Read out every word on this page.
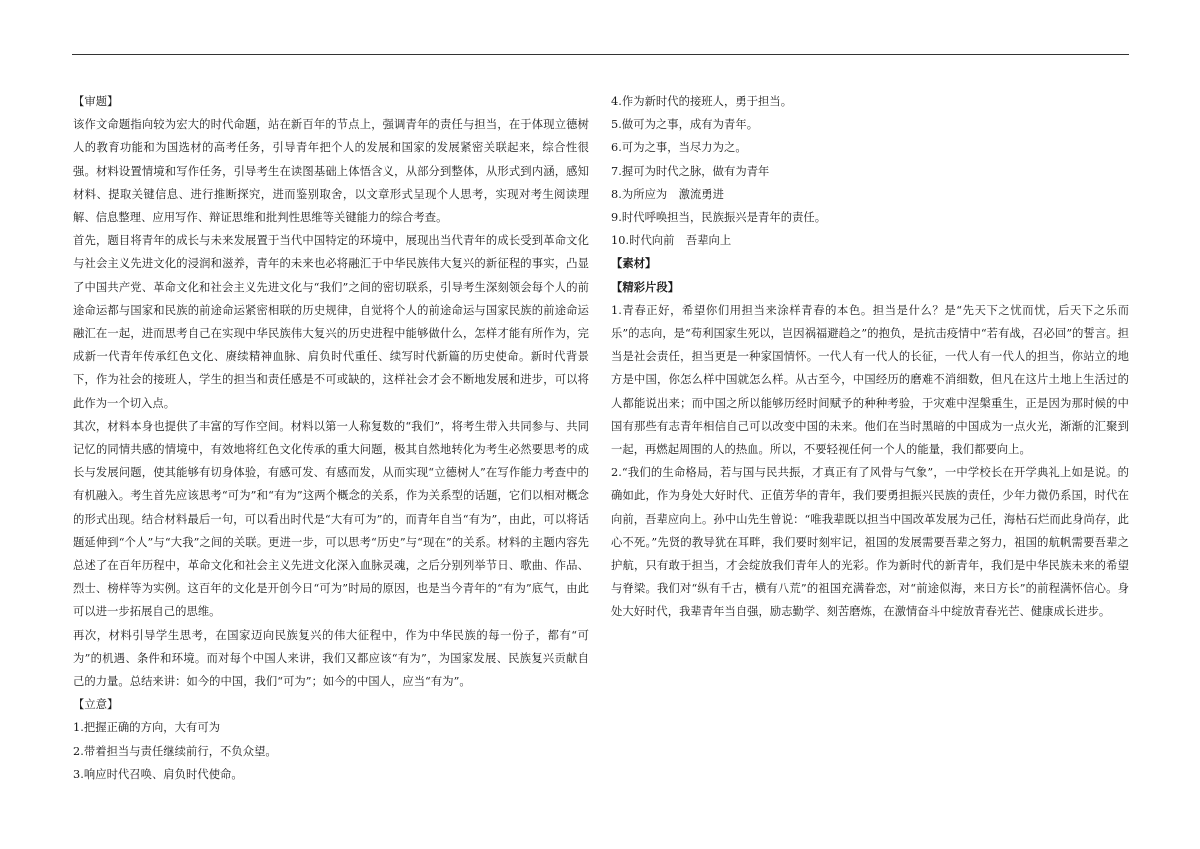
【审题】

该作文命题指向较为宏大的时代命题，站在新百年的节点上，强调青年的责任与担当，在于体现立德树人的教育功能和为国选材的高考任务，引导青年把个人的发展和国家的发展紧密关联起来，综合性很强。材料设置情境和写作任务，引导考生在读图基础上体悟含义，从部分到整体，从形式到内涵，感知材料、提取关键信息、进行推断探究，进而鉴别取舍，以文章形式呈现个人思考，实现对考生阅读理解、信息整理、应用写作、辩证思维和批判性思维等关键能力的综合考查。

首先，题目将青年的成长与未来发展置于当代中国特定的环境中，展现出当代青年的成长受到革命文化与社会主义先进文化的浸润和滋养，青年的未来也必将融汇于中华民族伟大复兴的新征程的事实，凸显了中国共产党、革命文化和社会主义先进文化与“我们”之间的密切联系，引导考生深刻领会每个人的前途命运都与国家和民族的前途命运紧密相联的历史规律，自觉将个人的前途命运与国家民族的前途命运融汇在一起，进而思考自己在实现中华民族伟大复兴的历史进程中能够做什么，怎样才能有所作为，完成新一代青年传承红色文化、赓续精神血脉、肩负时代重任、续写时代新篇的历史使命。新时代背景下，作为社会的接班人，学生的担当和责任感是不可或缺的，这样社会才会不断地发展和进步，可以将此作为一个切入点。

其次，材料本身也提供了丰富的写作空间。材料以第一人称复数的“我们”，将考生带入共同参与、共同记忆的同情共感的情境中，有效地将红色文化传承的重大问题，极其自然地转化为考生必然要思考的成长与发展问题，使其能够有切身体验，有感可发、有感而发，从而实现“立德树人”在写作能力考查中的有机融入。考生首先应该思考“可为”和“有为”这两个概念的关系，作为关系型的话题，它们以相对概念的形式出现。结合材料最后一句，可以看出时代是“大有可为”的，而青年自当“有为”，由此，可以将话题延伸到“个人”与“大我”之间的关联。更进一步，可以思考“历史”与“现在”的关系。材料的主题内容先总述了在百年历程中，革命文化和社会主义先进文化深入血脉灵魂，之后分别列举节日、歌曲、作品、烈士、榜样等为实例。这百年的文化是开创今日“可为”时局的原因，也是当今青年的“有为”底气，由此可以进一步拓展自己的思维。

再次，材料引导学生思考，在国家迈向民族复兴的伟大征程中，作为中华民族的每一份子，都有“可为”的机遇、条件和环境。而对每个中国人来讲，我们又都应该“有为”，为国家发展、民族复兴贡献自己的力量。总结来讲：如今的中国，我们“可为”；如今的中国人，应当“有为”。

【立意】

1.把握正确的方向，大有可为

2.带着担当与责任继续前行，不负众望。

3.响应时代召唤、肩负时代使命。

4.作为新时代的接班人，勇于担当。

5.做可为之事，成有为青年。

6.可为之事，当尽力为之。

7.握可为时代之脉，做有为青年

8.为所应为　激流勇进

9.时代呼唤担当，民族振兴是青年的责任。

10.时代向前　吾辈向上

【素材】

【精彩片段】

1.青春正好，希望你们用担当来涂样青春的本色。担当是什么？是“先天下之忧而忧，后天下之乐而乐”的志向，是“苟利国家生死以，岂因祸福避趋之”的抱负，是抗击疫情中“若有战，召必回”的誓言。担当是社会责任，担当更是一种家国情怀。一代人有一代人的长征，一代人有一代人的担当，你站立的地方是中国，你怎么样中国就怎么样。从古至今，中国经历的磨难不消细数，但凡在这片土地上生活过的人都能说出来；而中国之所以能够历经时间赋予的种种考验，于灾难中涅槃重生，正是因为那时候的中国有那些有志青年相信自己可以改变中国的未来。他们在当时黑暗的中国成为一点火光，渐渐的汇聚到一起，再燃起周围的人的热血。所以，不要轻视任何一个人的能量，我们都要向上。

2.“我们的生命格局，若与国与民共振，才真正有了风骨与气象”，一中学校长在开学典礼上如是说。的确如此，作为身处大好时代、正值芳华的青年，我们要勇担振兴民族的责任，少年力微仍系国，时代在向前，吾辈应向上。孙中山先生曾说：“唯我辈既以担当中国改革发展为己任，海枯石烂而此身尚存，此心不死。”先贤的教导犹在耳畔，我们要时刻牢记，祖国的发展需要吾辈之努力，祖国的航帆需要吾辈之护航，只有敢于担当，才会绽放我们青年人的光彩。作为新时代的新青年，我们是中华民族未来的希望与脊梁。我们对“纵有千古，横有八荒”的祖国充满眷恋，对“前途似海，来日方长”的前程满怀信心。身处大好时代，我辈青年当自强，励志勤学、刻苦磨炼，在激情奋斗中绽放青春光芒、健康成长进步。
